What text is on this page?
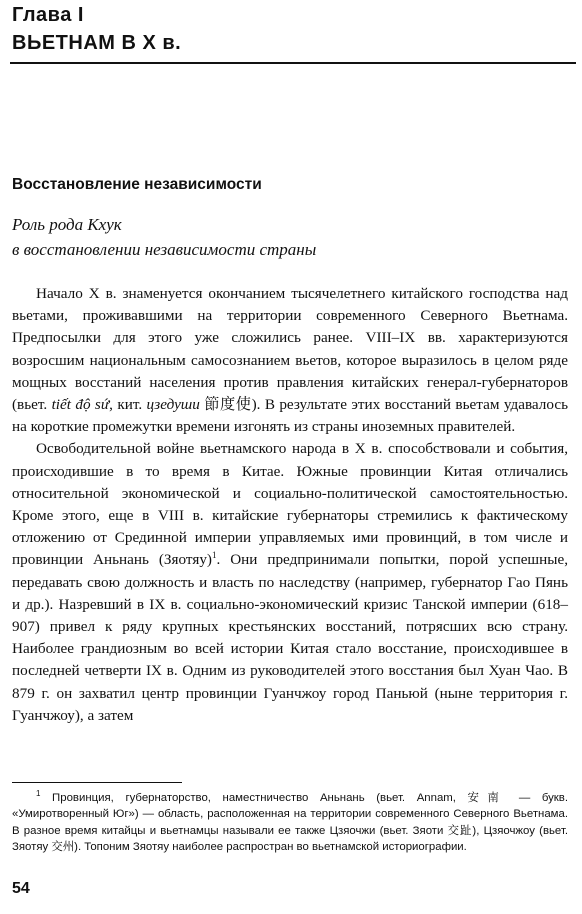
Глава I
ВЬЕТНАМ В Х в.
Восстановление независимости
Роль рода Кхук
в восстановлении независимости страны

Начало Х в. знаменуется окончанием тысячелетнего китайского господства над вьетами, проживавшими на территории современного Северного Вьетнама. Предпосылки для этого уже сложились ранее. VIII–IX вв. характеризуются возросшим национальным самосознанием вьетов, которое выразилось в целом ряде мощных восстаний населения против правления китайских генерал-губернаторов (вьет. tiết độ sứ, кит. цзедуши 節度使). В результате этих восстаний вьетам удавалось на короткие промежутки времени изгонять из страны иноземных правителей.

Освободительной войне вьетнамского народа в Х в. способствовали и события, происходившие в то время в Китае. Южные провинции Китая отличались относительной экономической и социально-политической самостоятельностью. Кроме этого, еще в VIII в. китайские губернаторы стремились к фактическому отложению от Срединной империи управляемых ими провинций, в том числе и провинции Аньнань (Зяотяу)$^1$. Они предпринимали попытки, порой успешные, передавать свою должность и власть по наследству (например, губернатор Гао Пянь и др.). Назревший в IX в. социально-экономический кризис Танской империи (618–907) привел к ряду крупных крестьянских восстаний, потрясших всю страну. Наиболее грандиозным во всей истории Китая стало восстание, происходившее в последней четверти IX в. Одним из руководителей этого восстания был Хуан Чао. В 879 г. он захватил центр провинции Гуанчжоу город Паньюй (ныне территория г. Гуанчжоу), а затем

$^1$ Провинция, губернаторство, наместничество Аньнань (вьет. Annam, 安南 — букв. «Умиротворенный Юг») — область, расположенная на территории современного Северного Вьетнама. В разное время китайцы и вьетнамцы называли ее также Цзяочжи (вьет. Зяоти 交趾), Цзяочжоу (вьет. Зяотяу 交州). Топоним Зяотяу наиболее распростран во вьетнамской историографии.
54
